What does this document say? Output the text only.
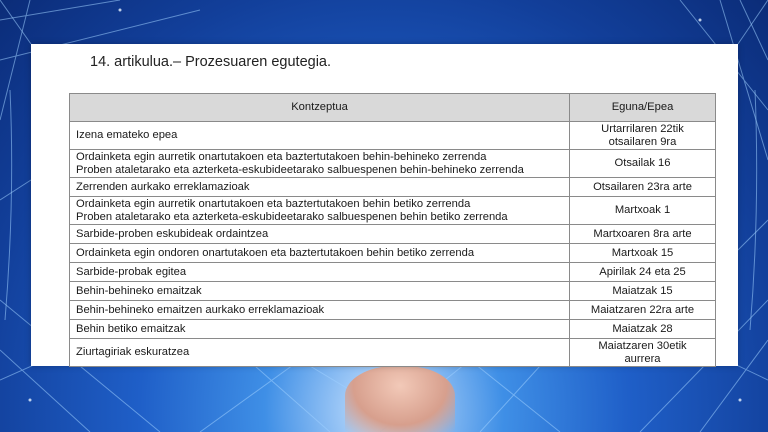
14. artikulua.– Prozesuaren egutegia.
Kontzeptua	Eguna/Epea

Izena emateko epea	Urtarrilaren 22tik
otsailaren 9ra

Ordainketa egin aurretik onartutakoen eta baztertutakoen behin-behineko zerrenda
Proben ataletarako eta azterketa-eskubideetarako salbuespenen behin-behineko zerrenda	Otsailak 16

Zerrenden aurkako erreklamazioak	Otsailaren 23ra arte

Ordainketa egin aurretik onartutakoen eta baztertutakoen behin betiko zerrenda
Proben ataletarako eta azterketa-eskubideetarako salbuespenen behin betiko zerrenda	Martxoak 1

Sarbide-proben eskubideak ordaintzea	Martxoaren 8ra arte

Ordainketa egin ondoren onartutakoen eta baztertutakoen behin betiko zerrenda	Martxoak 15

Sarbide-probak egitea	Apirilak 24 eta 25

Behin-behineko emaitzak	Maiatzak 15

Behin-behineko emaitzen aurkako erreklamazioak	Maiatzaren 22ra arte

Behin betiko emaitzak	Maiatzak 28

Ziurtagiriak eskuratzea	Maiatzaren 30etik
aurrera
